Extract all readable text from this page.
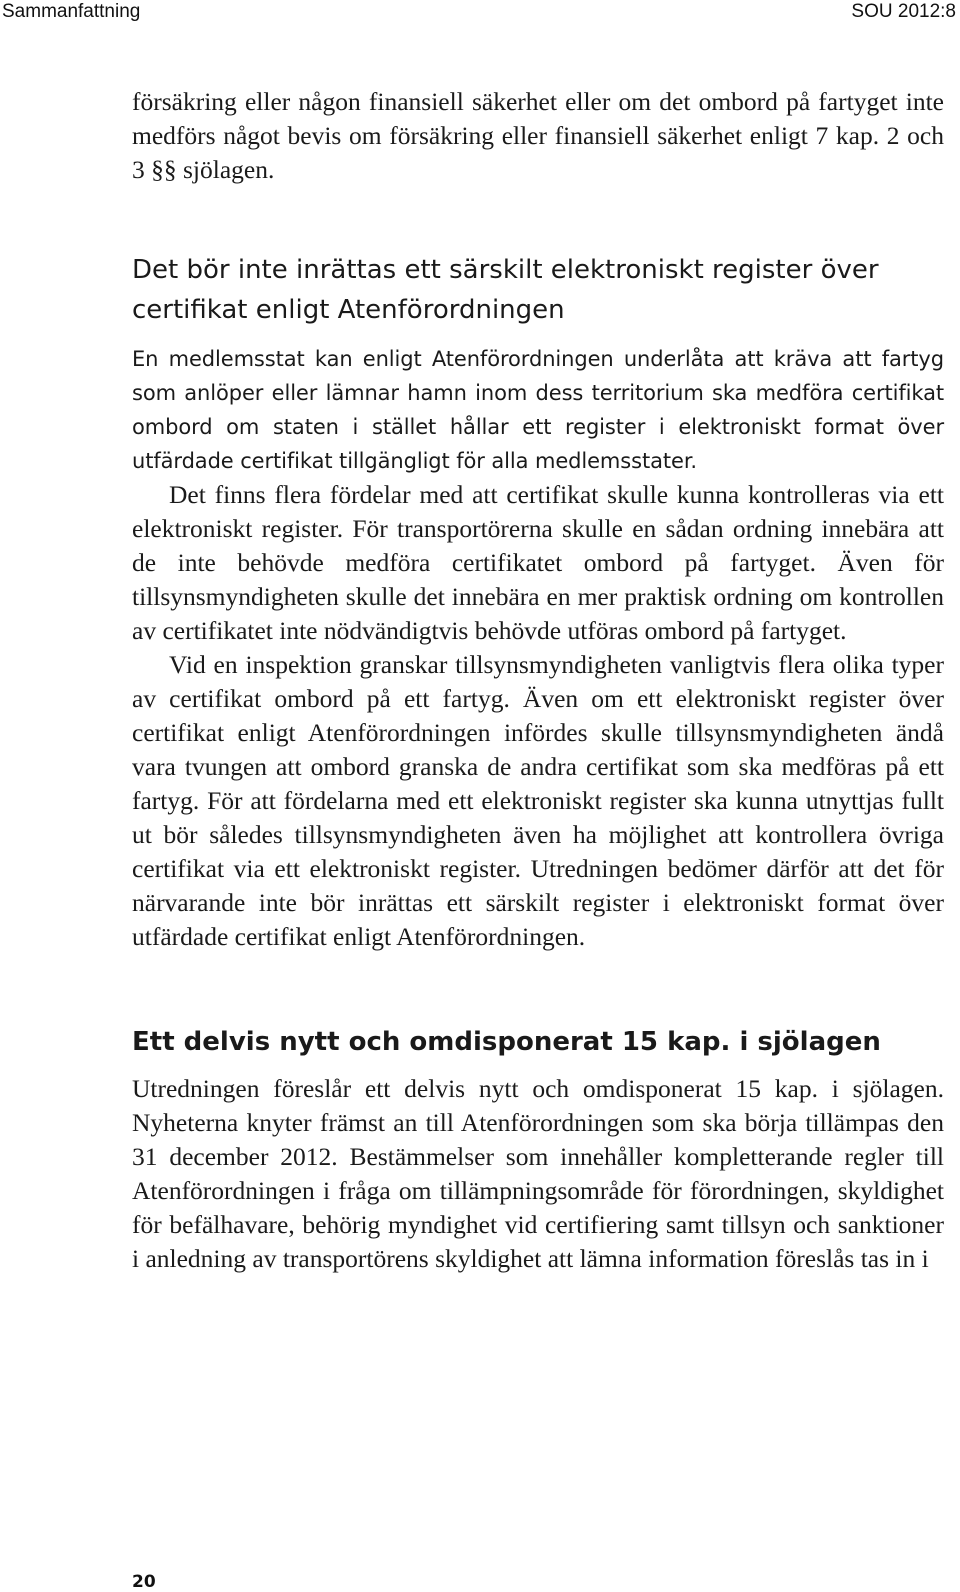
Sammanfattning	SOU 2012:8

försäkring eller någon finansiell säkerhet eller om det ombord på fartyget inte medförs något bevis om försäkring eller finansiell säkerhet enligt 7 kap. 2 och 3 §§ sjölagen.

Det bör inte inrättas ett särskilt elektroniskt register över certifikat enligt Atenförordningen

En medlemsstat kan enligt Atenförordningen underlåta att kräva att fartyg som anlöper eller lämnar hamn inom dess territorium ska medföra certifikat ombord om staten i stället hållar ett register i elektroniskt format över utfärdade certifikat tillgängligt för alla medlemsstater.

Det finns flera fördelar med att certifikat skulle kunna kontrolleras via ett elektroniskt register. För transportörerna skulle en sådan ordning innebära att de inte behövde medföra certifikatet ombord på fartyget. Även för tillsynsmyndigheten skulle det innebära en mer praktisk ordning om kontrollen av certifikatet inte nödvändigtvis behövde utföras ombord på fartyget.

Vid en inspektion granskar tillsynsmyndigheten vanligtvis flera olika typer av certifikat ombord på ett fartyg. Även om ett elektroniskt register över certifikat enligt Atenförordningen infördes skulle tillsynsmyndigheten ändå vara tvungen att ombord granska de andra certifikat som ska medföras på ett fartyg. För att fördelarna med ett elektroniskt register ska kunna utnyttjas fullt ut bör således tillsynsmyndigheten även ha möjlighet att kontrollera övriga certifikat via ett elektroniskt register. Utredningen bedömer därför att det för närvarande inte bör inrättas ett särskilt register i elektroniskt format över utfärdade certifikat enligt Atenförordningen.

Ett delvis nytt och omdisponerat 15 kap. i sjölagen

Utredningen föreslår ett delvis nytt och omdisponerat 15 kap. i sjölagen. Nyheterna knyter främst an till Atenförordningen som ska börja tillämpas den 31 december 2012. Bestämmelser som innehåller kompletterande regler till Atenförordningen i fråga om tillämpningsområde för förordningen, skyldighet för befälhavare, behörig myndighet vid certifiering samt tillsyn och sanktioner i anledning av transportörens skyldighet att lämna information föreslås tas in i

20
